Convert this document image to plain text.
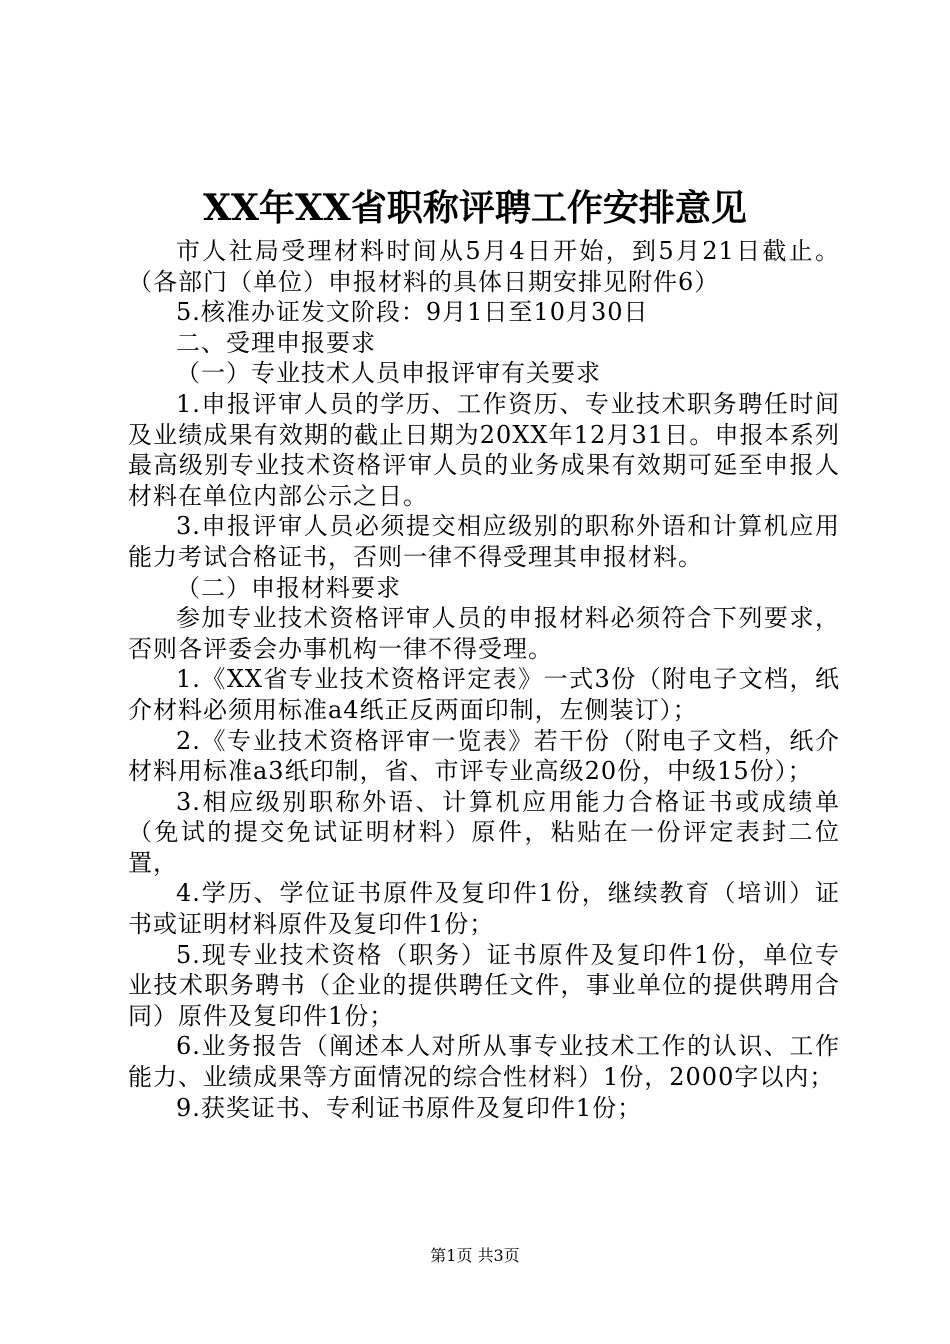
XX年XX省职称评聘工作安排意见

市人社局受理材料时间从5月4日开始，到5月21日截止。（各部门（单位）申报材料的具体日期安排见附件6）

5.核准办证发文阶段：9月1日至10月30日

二、受理申报要求

（一）专业技术人员申报评审有关要求

1.申报评审人员的学历、工作资历、专业技术职务聘任时间及业绩成果有效期的截止日期为20XX年12月31日。申报本系列最高级别专业技术资格评审人员的业务成果有效期可延至申报人材料在单位内部公示之日。

3.申报评审人员必须提交相应级别的职称外语和计算机应用能力考试合格证书，否则一律不得受理其申报材料。

（二）申报材料要求

参加专业技术资格评审人员的申报材料必须符合下列要求，否则各评委会办事机构一律不得受理。

1.《XX省专业技术资格评定表》一式3份（附电子文档，纸介材料必须用标准a4纸正反两面印制，左侧装订）；

2.《专业技术资格评审一览表》若干份（附电子文档，纸介材料用标准a3纸印制，省、市评专业高级20份，中级15份）；

3.相应级别职称外语、计算机应用能力合格证书或成绩单（免试的提交免试证明材料）原件，粘贴在一份评定表封二位置，

4.学历、学位证书原件及复印件1份，继续教育（培训）证书或证明材料原件及复印件1份；

5.现专业技术资格（职务）证书原件及复印件1份，单位专业技术职务聘书（企业的提供聘任文件，事业单位的提供聘用合同）原件及复印件1份；

6.业务报告（阐述本人对所从事专业技术工作的认识、工作能力、业绩成果等方面情况的综合性材料）1份，2000字以内；

9.获奖证书、专利证书原件及复印件1份；

第1页 共3页
